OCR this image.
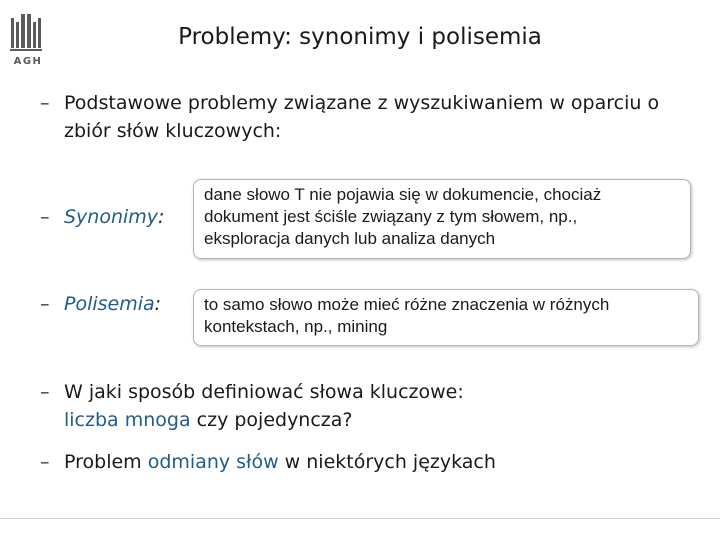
AGH
Problemy: synonimy i polisemia
– Podstawowe problemy związane z wyszukiwaniem w oparciu o
zbiór słów kluczowych:
– Synonimy:
dane słowo T nie pojawia się w dokumencie, chociaż
dokument jest ściśle związany z tym słowem, np.,
eksploracja danych lub analiza danych
– Polisemia:	to samo słowo może mieć różne znaczenia w różnych
kontekstach, np., mining
– W jaki sposób definiować słowa kluczowe:
liczba mnoga czy pojedyncza?
– Problem odmiany słów w niektórych językach
